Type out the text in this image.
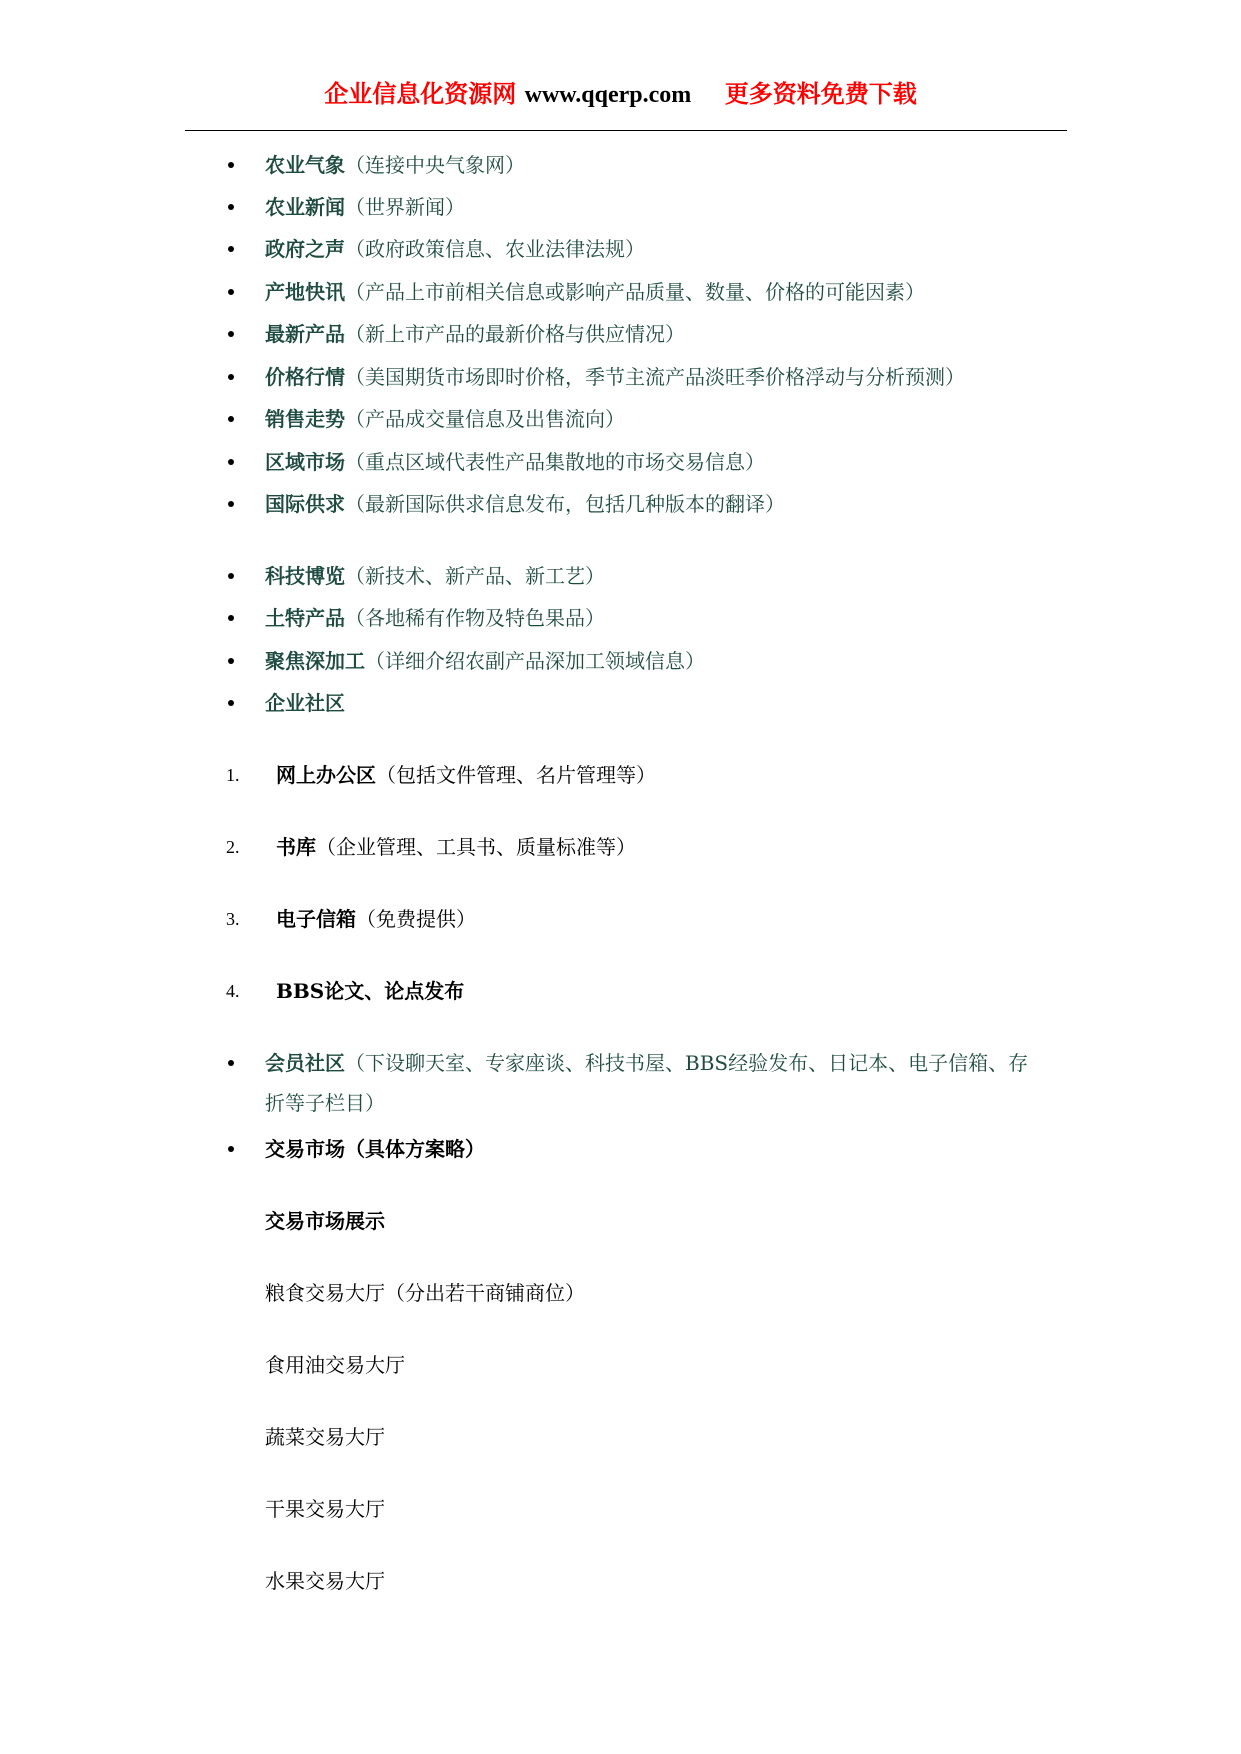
企业信息化资源网 www.qqerp.com 更多资料免费下载
农业气象（连接中央气象网）
农业新闻（世界新闻）
政府之声（政府政策信息、农业法律法规）
产地快讯（产品上市前相关信息或影响产品质量、数量、价格的可能因素）
最新产品（新上市产品的最新价格与供应情况）
价格行情（美国期货市场即时价格，季节主流产品淡旺季价格浮动与分析预测）
销售走势（产品成交量信息及出售流向）
区域市场（重点区域代表性产品集散地的市场交易信息）
国际供求（最新国际供求信息发布，包括几种版本的翻译）
科技博览（新技术、新产品、新工艺）
土特产品（各地稀有作物及特色果品）
聚焦深加工（详细介绍农副产品深加工领域信息）
企业社区
1. 网上办公区（包括文件管理、名片管理等）
2. 书库（企业管理、工具书、质量标准等）
3. 电子信箱（免费提供）
4. BBS论文、论点发布
会员社区（下设聊天室、专家座谈、科技书屋、BBS经验发布、日记本、电子信箱、存折等子栏目）
交易市场（具体方案略）
交易市场展示
粮食交易大厅（分出若干商铺商位）
食用油交易大厅
蔬菜交易大厅
干果交易大厅
水果交易大厅
